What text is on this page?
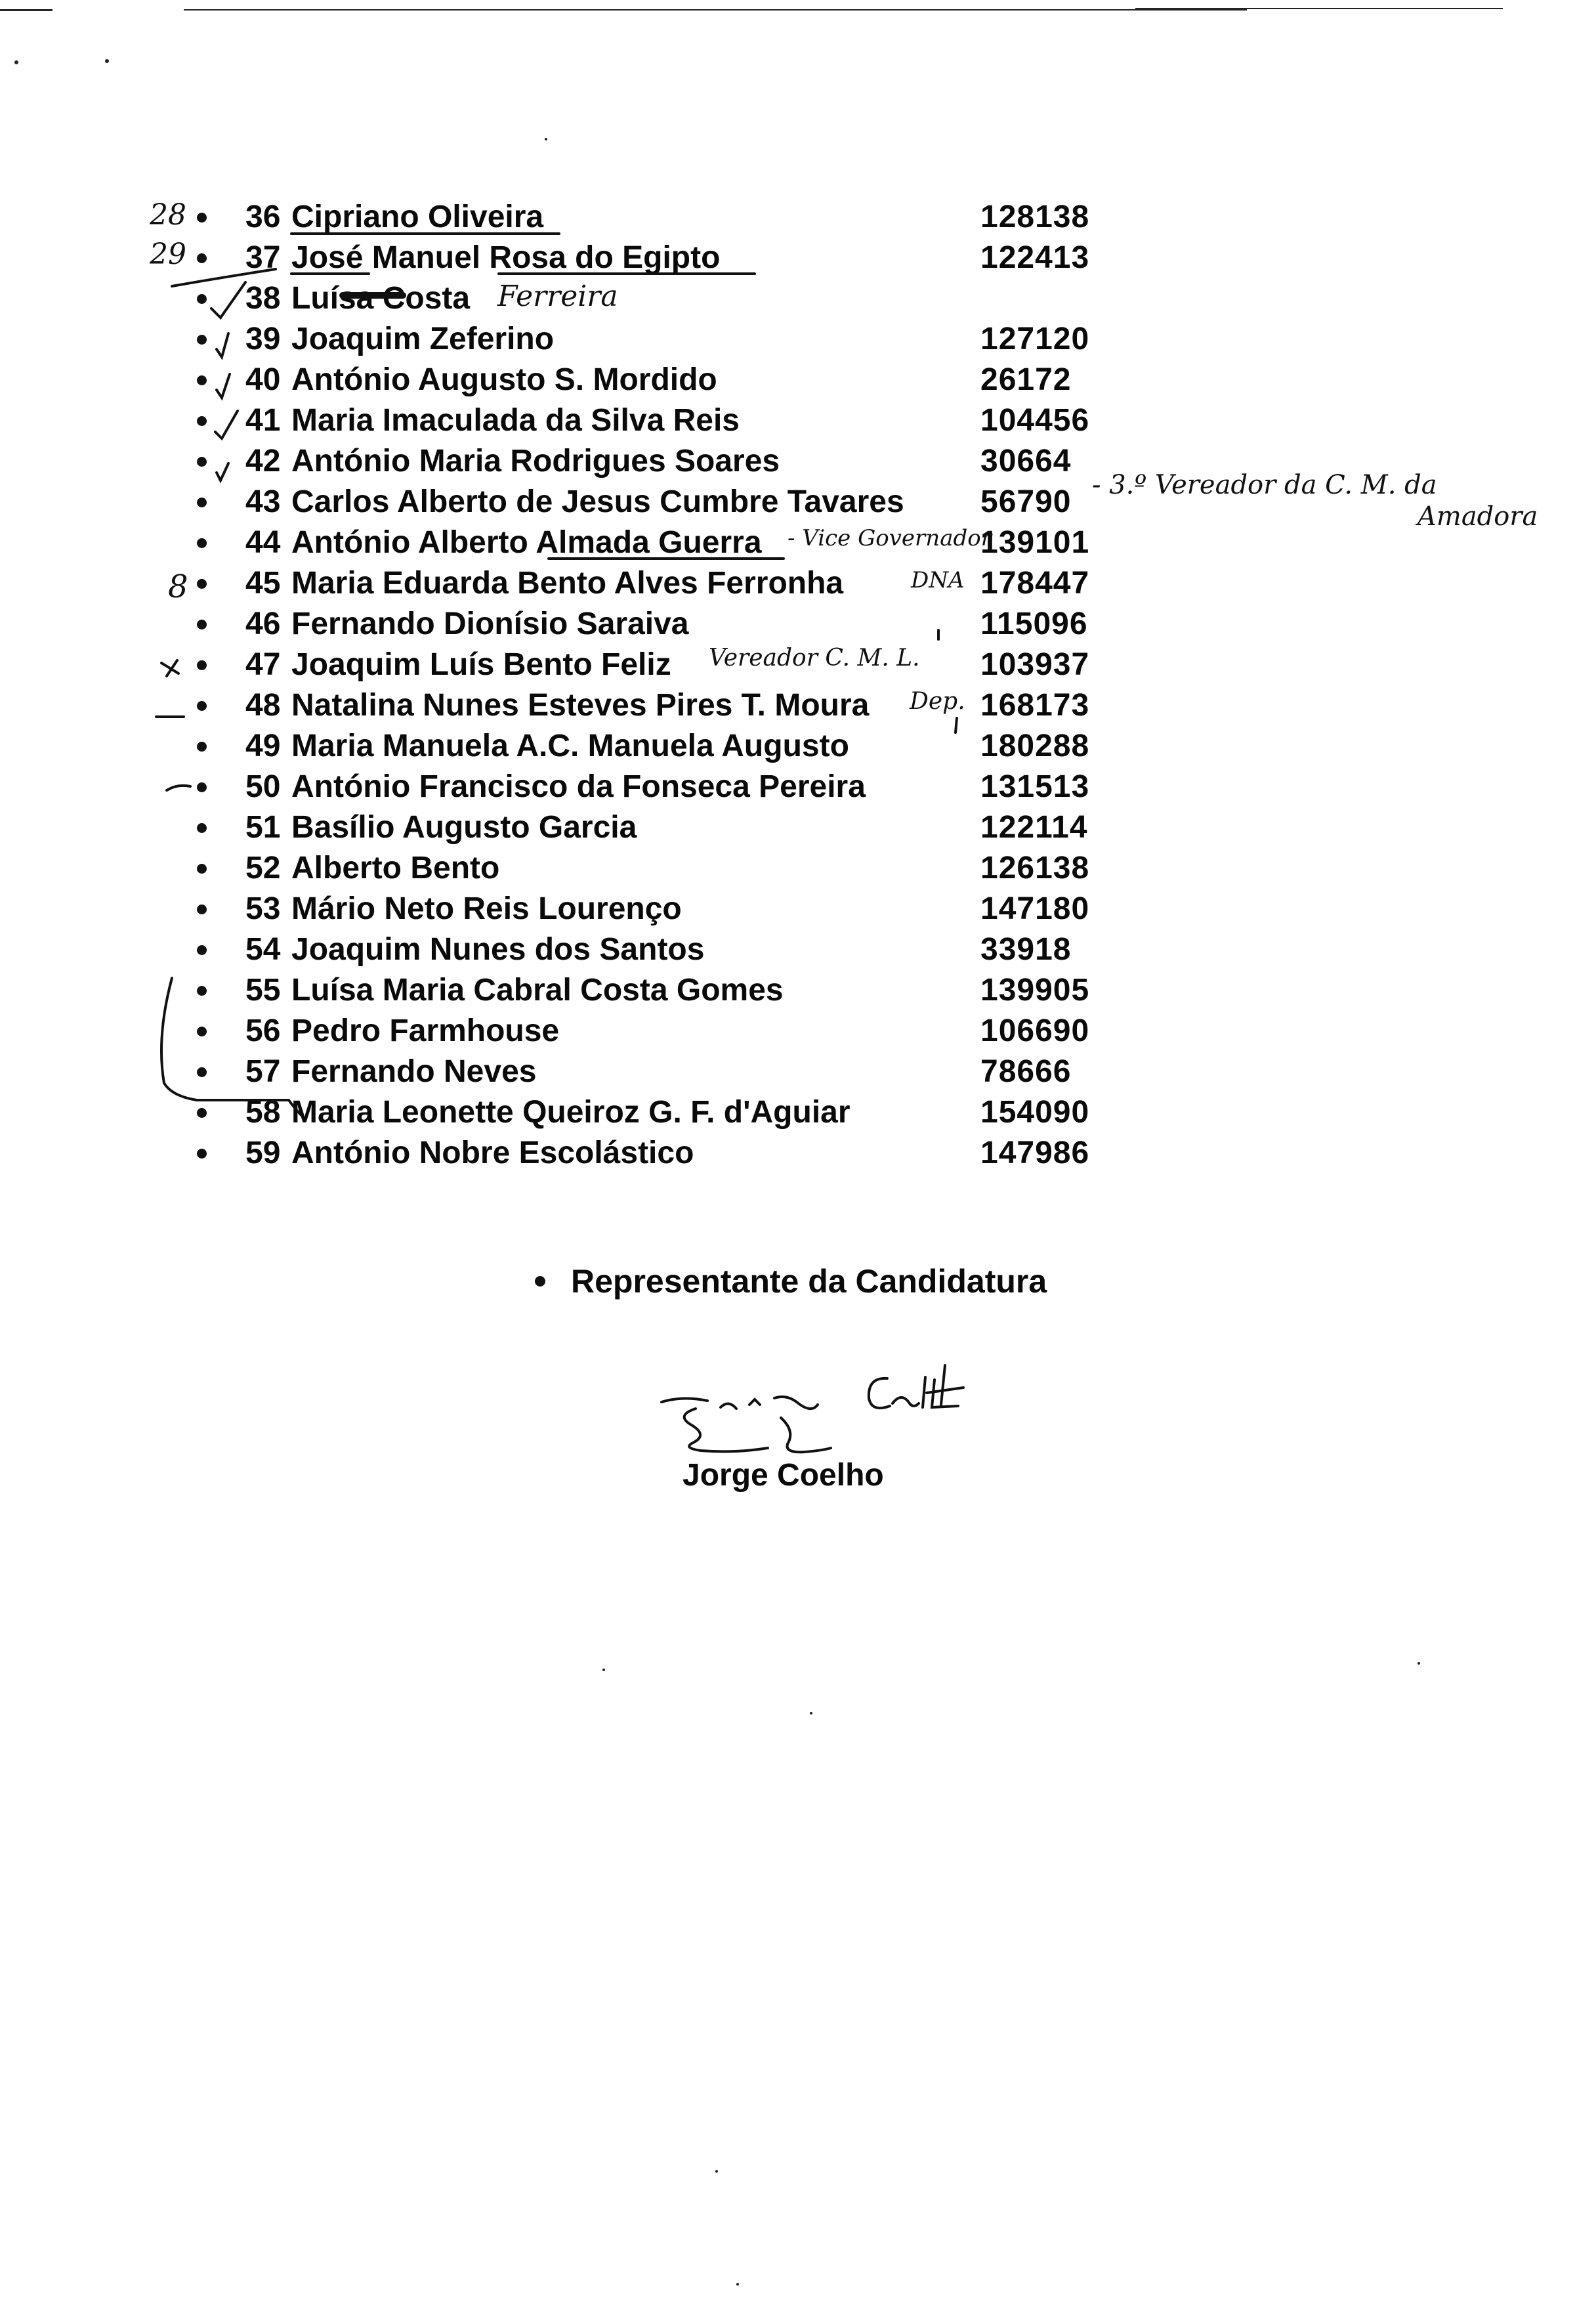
36 Cipriano Oliveira	128138
37 José Manuel Rosa do Egipto	122413
38 Luísa Costa
39 Joaquim Zeferino	127120
40 António Augusto S. Mordido	26172
41 Maria Imaculada da Silva Reis	104456
42 António Maria Rodrigues Soares	30664
43 Carlos Alberto de Jesus Cumbre Tavares 56790
44 António Alberto Almada Guerra	139101
45 Maria Eduarda Bento Alves Ferronha	178447
46 Fernando Dionísio Saraiva	115096
47 Joaquim Luís Bento Feliz	103937
48 Natalina Nunes Esteves Pires T. Moura	168173
49 Maria Manuela A.C. Manuela Augusto	180288
50 António Francisco da Fonseca Pereira	131513
51 Basílio Augusto Garcia	122114
52 Alberto Bento	126138
53 Mário Neto Reis Lourenço	147180
54 Joaquim Nunes dos Santos	33918
55 Luísa Maria Cabral Costa Gomes	139905
56 Pedro Farmhouse	106690
57 Fernando Neves	78666
58 Maria Leonette Queiroz G. F. d'Aguiar	154090
59 António Nobre Escolástico	147986
28
29
Ferreira
- 3.º Vereador da C. M. da
Amadora
- Vice Governador
8	DNA
Vereador C. M. L.
Dep.
Representante da Candidatura
Jorge Coelho
